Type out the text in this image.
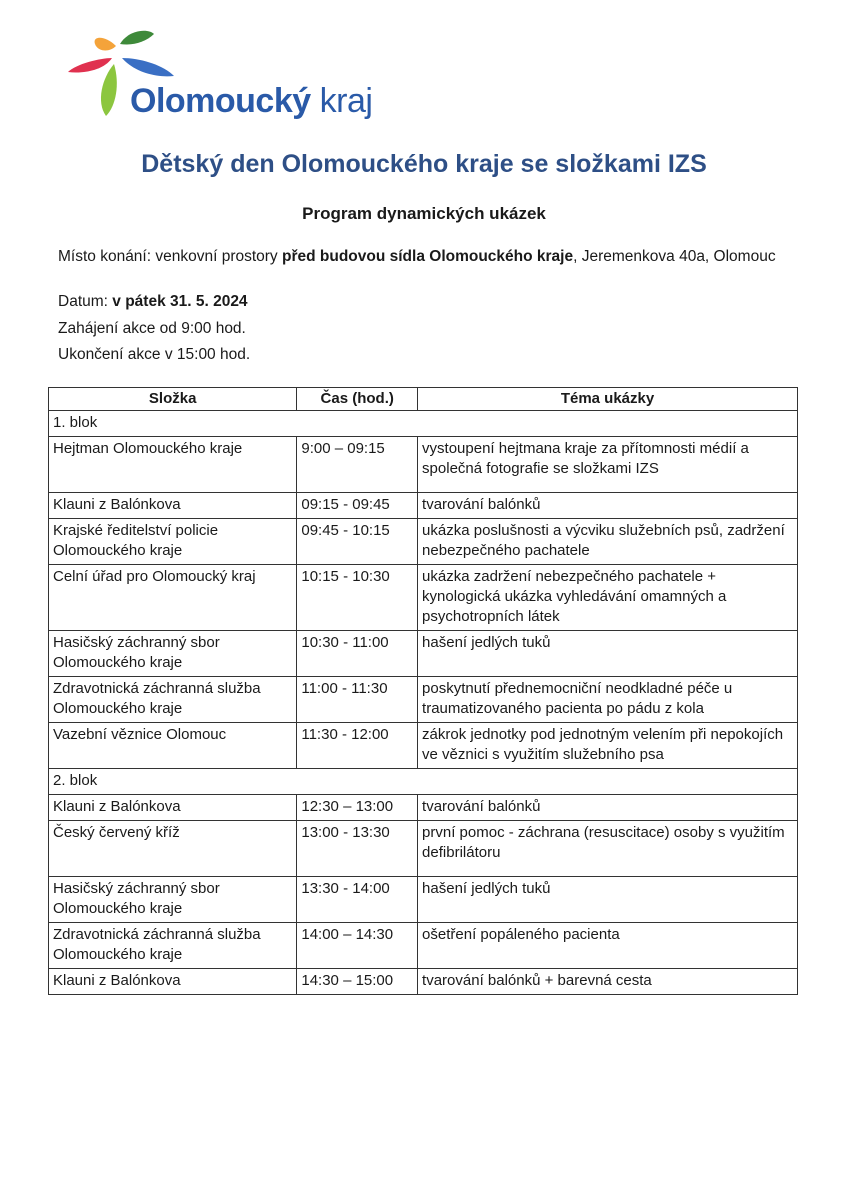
Olomoucký kraj
Dětský den Olomouckého kraje se složkami IZS
Program dynamických ukázek
Místo konání: venkovní prostory před budovou sídla Olomouckého kraje, Jeremenkova 40a, Olomouc
Datum: v pátek 31. 5. 2024
Zahájení akce od 9:00 hod.
Ukončení akce v 15:00 hod.
Složka	Čas (hod.)	Téma ukázky
1. blok		
Hejtman Olomouckého kraje	9:00 – 09:15	vystoupení hejtmana kraje za přítomnosti médií a společná fotografie se složkami IZS
Klauni z Balónkova	09:15 - 09:45	tvarování balónků
Krajské ředitelství policie Olomouckého kraje	09:45 - 10:15	ukázka poslušnosti a výcviku služebních psů, zadržení nebezpečného pachatele
Celní úřad pro Olomoucký kraj	10:15 - 10:30	ukázka zadržení nebezpečného pachatele + kynologická ukázka vyhledávání omamných a psychotropních látek
Hasičský záchranný sbor Olomouckého kraje	10:30 - 11:00	hašení jedlých tuků
Zdravotnická záchranná služba Olomouckého kraje	11:00 - 11:30	poskytnutí přednemocniční neodkladné péče u traumatizovaného pacienta po pádu z kola
Vazební věznice Olomouc	11:30 - 12:00	zákrok jednotky pod jednotným velením při nepokojích ve věznici s využitím služebního psa
2. blok		
Klauni z Balónkova	12:30 – 13:00	tvarování balónků
Český červený kříž	13:00 - 13:30	první pomoc - záchrana (resuscitace) osoby s využitím defibrilátoru
Hasičský záchranný sbor Olomouckého kraje	13:30 - 14:00	hašení jedlých tuků
Zdravotnická záchranná služba Olomouckého kraje	14:00 – 14:30	ošetření popáleného pacienta
Klauni z Balónkova	14:30 – 15:00	tvarování balónků + barevná cesta
